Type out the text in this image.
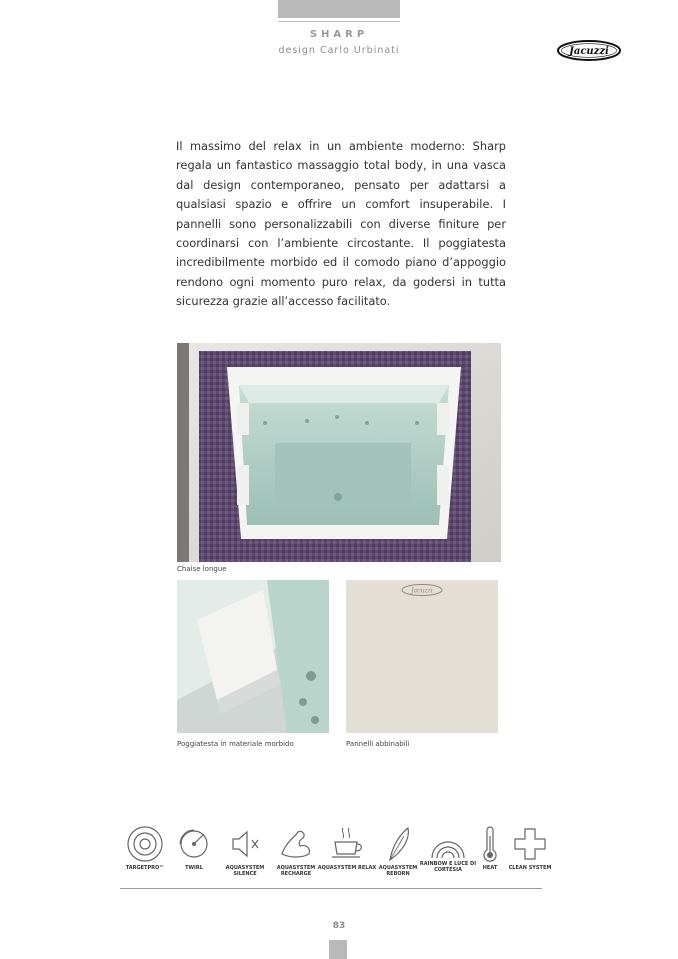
SHARP
design Carlo Urbinati	Jacuzzi
Il massimo del relax in un ambiente moderno: Sharp regala un fantastico massaggio total body, in una vasca dal design contemporaneo, pensato per adattarsi a qualsiasi spazio e offrire un comfort insuperabile. I pannelli sono personalizzabili con diverse finiture per coordinarsi con l’ambiente circostante. Il poggiatesta incredibilmente morbido ed il comodo piano d’appoggio rendono ogni momento puro relax, da godersi in tutta sicurezza grazie all’accesso facilitato.
Chaise longue
Poggiatesta in materiale morbido
Jacuzzi
Pannelli abbinabili
TARGETPRO™	TWIRL	AQUASYSTEM SILENCE
AQUASYSTEM RECHARGE
AQUASYSTEM RELAX AQUASYSTEM REBORN
RAINBOW E LUCE DI CORTESIA	HEAT	CLEAN SYSTEM
83
